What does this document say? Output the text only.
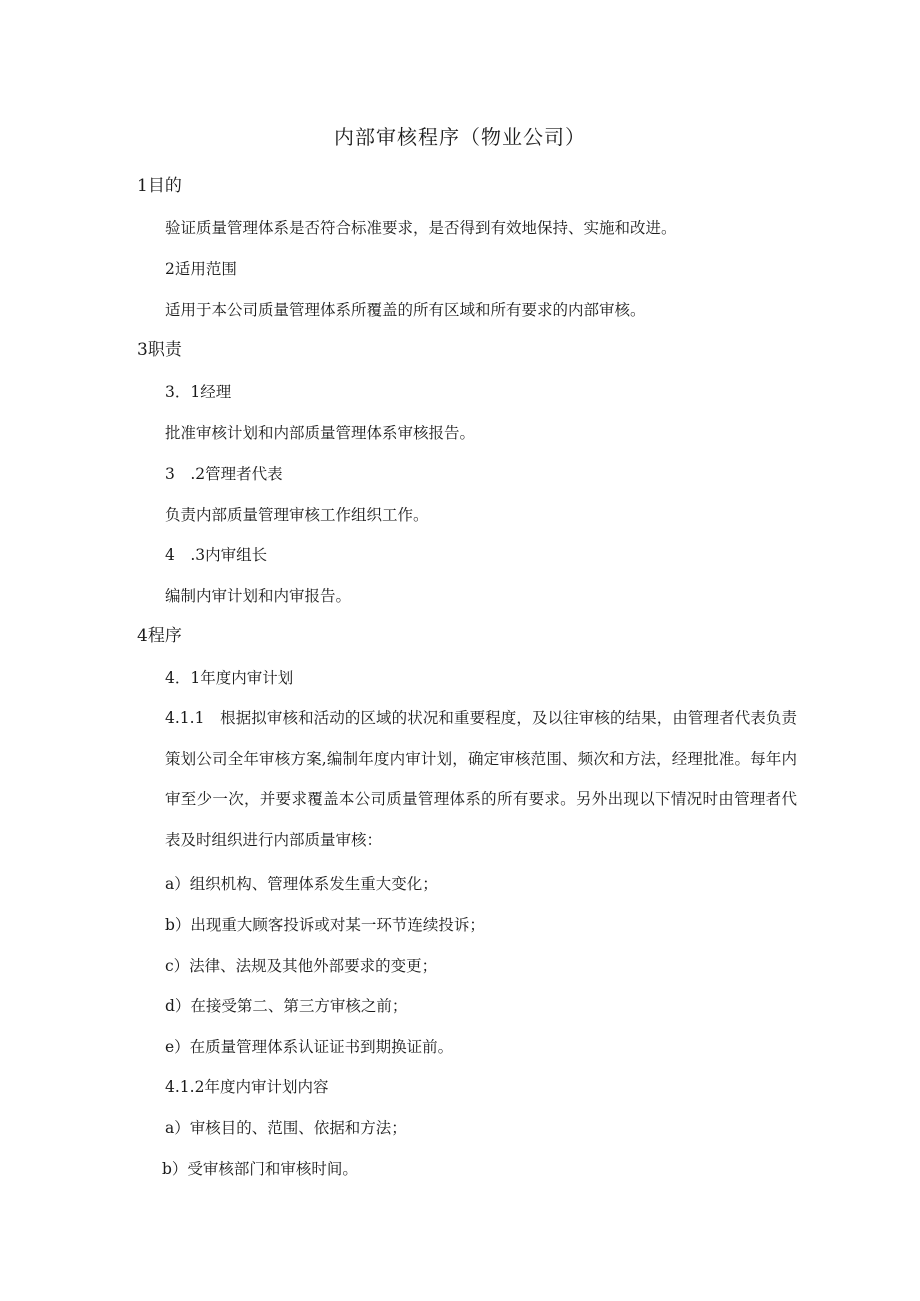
内部审核程序（物业公司）
1目的
验证质量管理体系是否符合标准要求，是否得到有效地保持、实施和改进。
2适用范围
适用于本公司质量管理体系所覆盖的所有区域和所有要求的内部审核。
3职责
3．1经理
批准审核计划和内部质量管理体系审核报告。
3　.2管理者代表
负责内部质量管理审核工作组织工作。
4　.3内审组长
编制内审计划和内审报告。
4程序
4．1年度内审计划
4.1.1　根据拟审核和活动的区域的状况和重要程度，及以往审核的结果，由管理者代表负责策划公司全年审核方案,编制年度内审计划，确定审核范围、频次和方法，经理批准。每年内审至少一次，并要求覆盖本公司质量管理体系的所有要求。另外出现以下情况时由管理者代表及时组织进行内部质量审核：
a）组织机构、管理体系发生重大变化；
b）出现重大顾客投诉或对某一环节连续投诉；
c）法律、法规及其他外部要求的变更；
d）在接受第二、第三方审核之前；
e）在质量管理体系认证证书到期换证前。
4.1.2年度内审计划内容
a）审核目的、范围、依据和方法；
b）受审核部门和审核时间。
